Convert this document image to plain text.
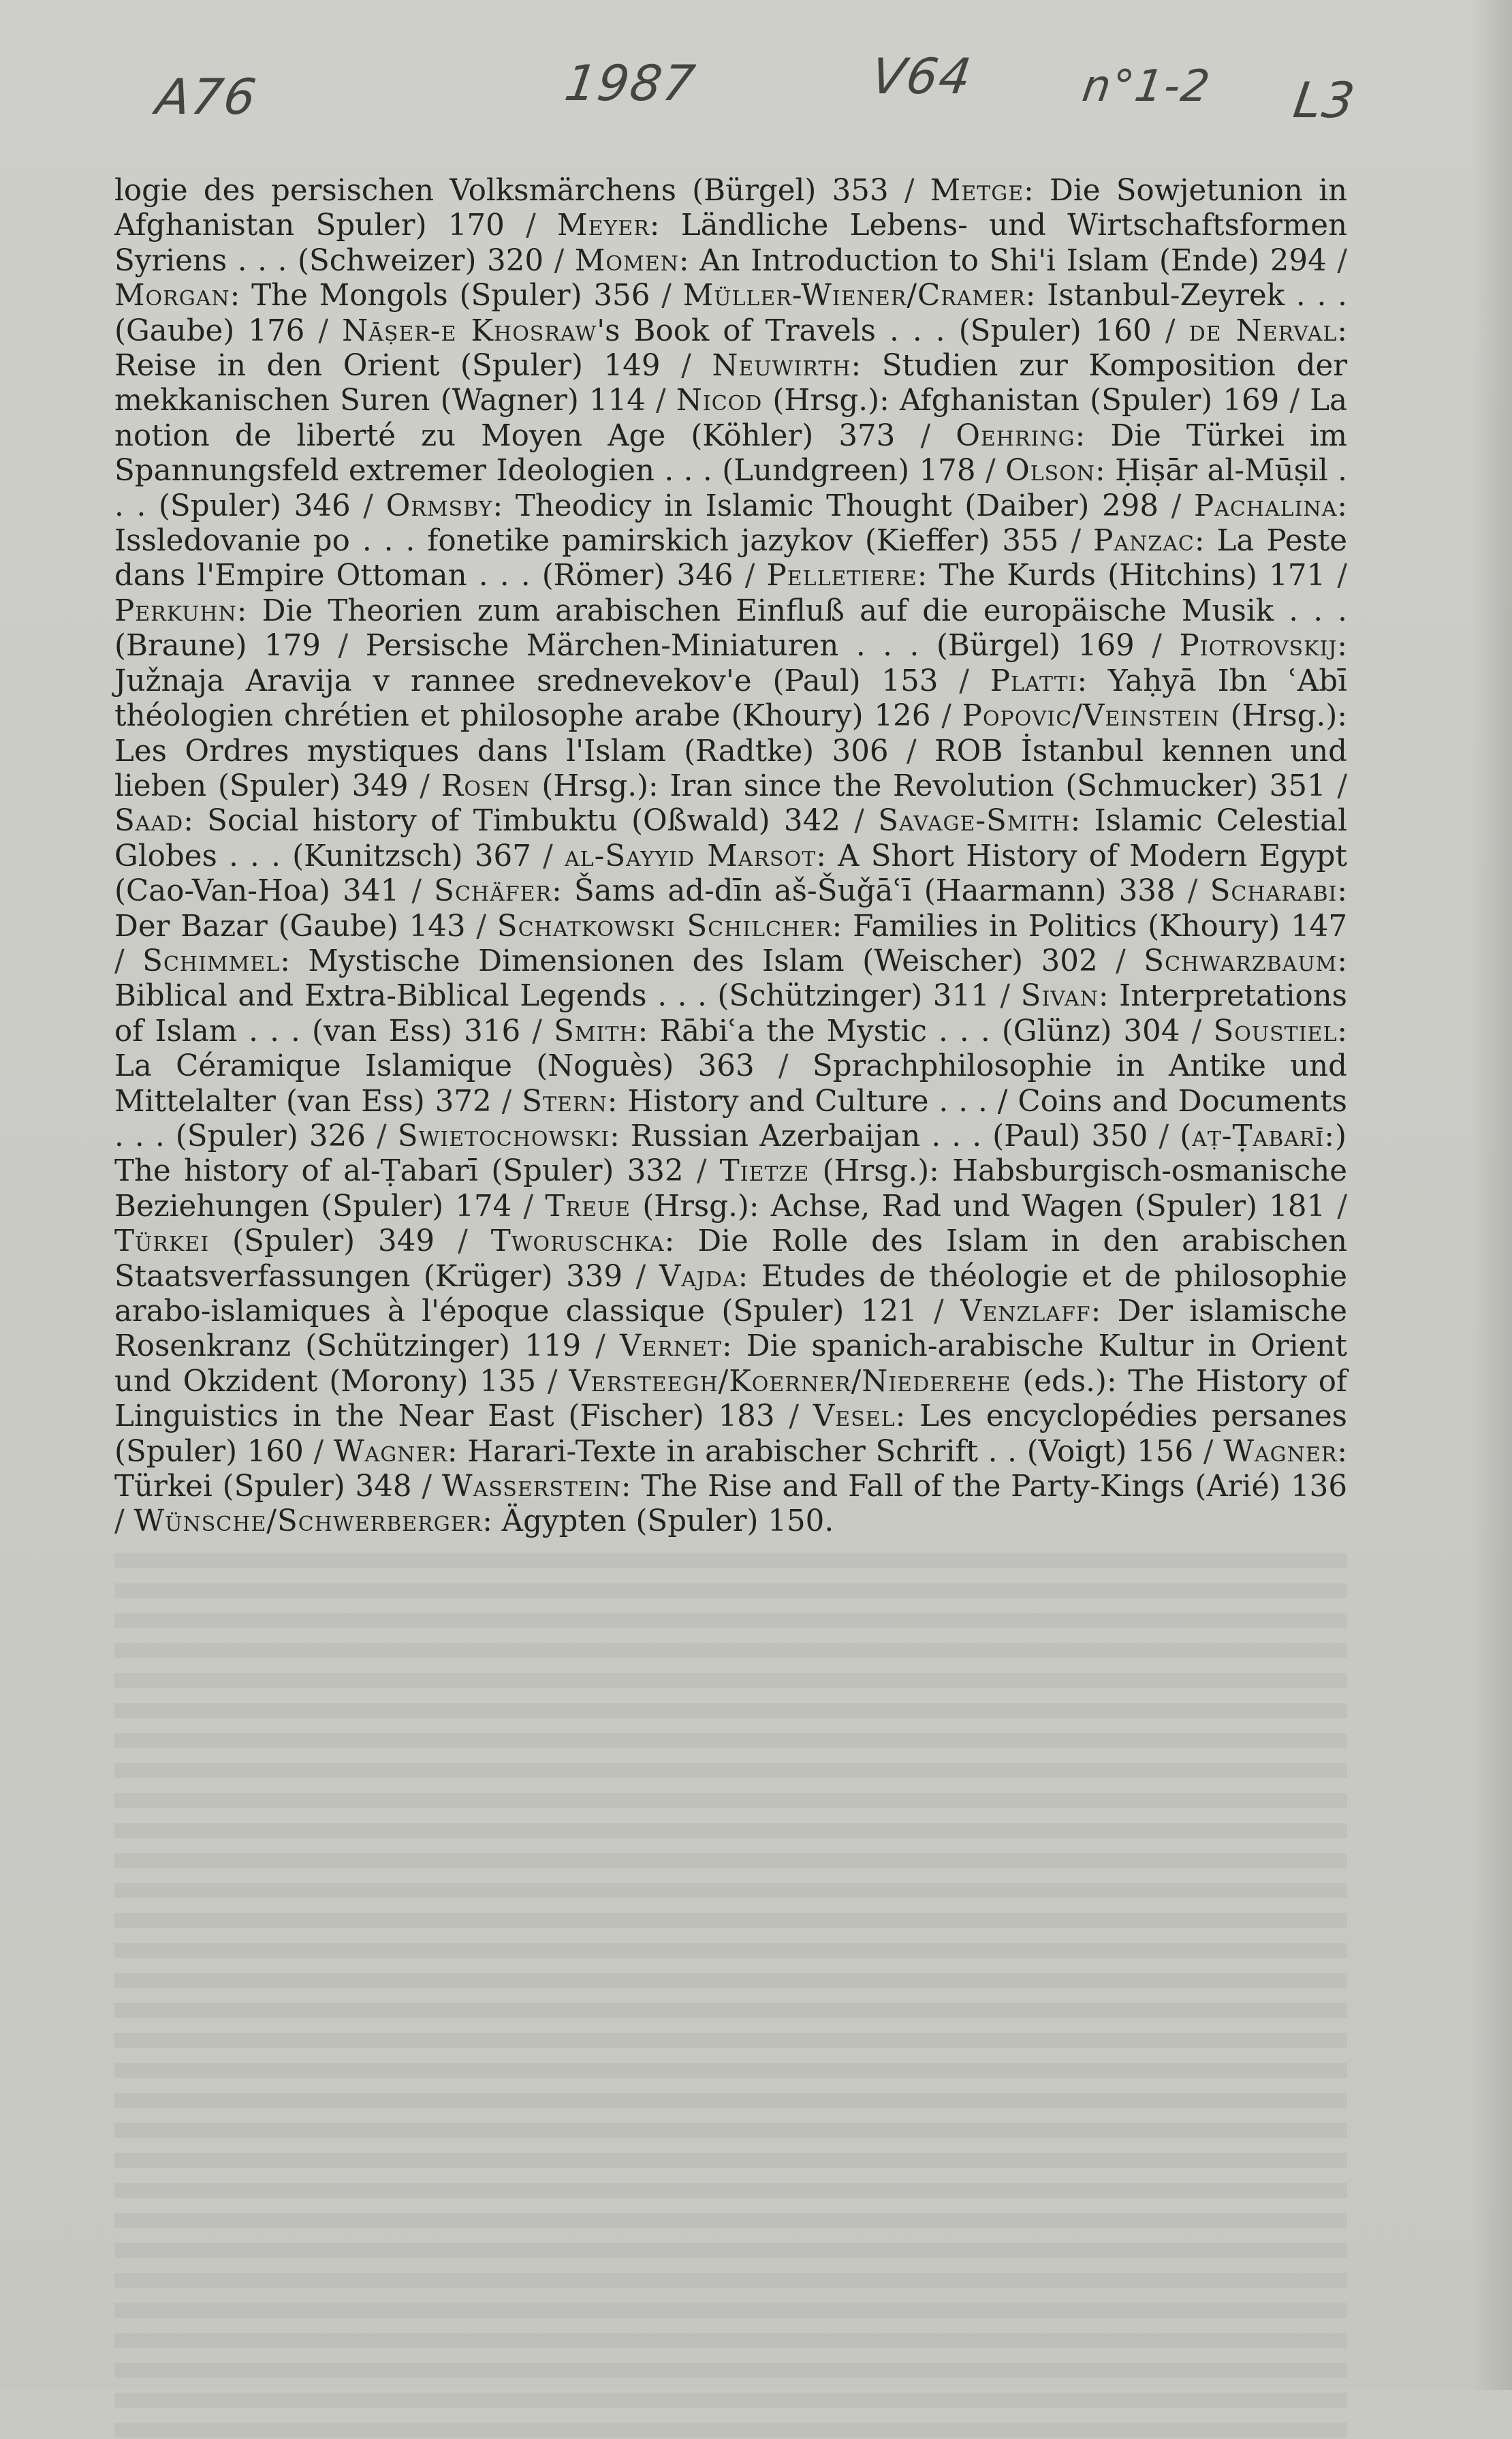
A76	1987	V64 n°1-2 L3
logie des persischen Volksmärchens (Bürgel) 353 / Metge: Die Sowjetunion in Afghanistan Spuler) 170 / Meyer: Ländliche Lebens- und Wirtschaftsformen Syriens . . . (Schweizer) 320 / Momen: An Introduction to Shi'i Islam (Ende) 294 / Morgan: The Mongols (Spuler) 356 / Müller-Wiener/Cramer: Istanbul-Zeyrek . . . (Gaube) 176 / Nāṣer-e Khosraw's Book of Travels . . . (Spuler) 160 / de Nerval: Reise in den Orient (Spuler) 149 / Neuwirth: Studien zur Komposition der mekkanischen Suren (Wagner) 114 / Nicod (Hrsg.): Afghanistan (Spuler) 169 / La notion de liberté zu Moyen Age (Köhler) 373 / Oehring: Die Türkei im Spannungsfeld extremer Ideologien . . . (Lundgreen) 178 / Olson: Ḥiṣār al-Mūṣil . . . (Spuler) 346 / Ormsby: Theodicy in Islamic Thought (Daiber) 298 / Pachalina: Issledovanie po . . . fonetike pamirskich jazykov (Kieffer) 355 / Panzac: La Peste dans l'Empire Ottoman . . . (Römer) 346 / Pelletiere: The Kurds (Hitchins) 171 / Perkuhn: Die Theorien zum arabischen Einfluß auf die europäische Musik . . . (Braune) 179 / Persische Märchen-Miniaturen . . . (Bürgel) 169 / Piotrovskij: Južnaja Aravija v rannee srednevekov'e (Paul) 153 / Platti: Yaḥyā Ibn ʿAbī théologien chrétien et philosophe arabe (Khoury) 126 / Popovic/Veinstein (Hrsg.): Les Ordres mystiques dans l'Islam (Radtke) 306 / ROB İstanbul kennen und lieben (Spuler) 349 / Rosen (Hrsg.): Iran since the Revolution (Schmucker) 351 / Saad: Social history of Timbuktu (Oßwald) 342 / Savage-Smith: Islamic Celestial Globes . . . (Kunitzsch) 367 / al-Sayyid Marsot: A Short History of Modern Egypt (Cao-Van-Hoa) 341 / Schäfer: Šams ad-dīn aš-Šuǧāʿī (Haarmann) 338 / Scharabi: Der Bazar (Gaube) 143 / Schatkowski Schilcher: Families in Politics (Khoury) 147 / Schimmel: Mystische Dimensionen des Islam (Weischer) 302 / Schwarzbaum: Biblical and Extra-Biblical Legends . . . (Schützinger) 311 / Sivan: Interpretations of Islam . . . (van Ess) 316 / Smith: Rābiʿa the Mystic . . . (Glünz) 304 / Soustiel: La Céramique Islamique (Noguès) 363 / Sprachphilosophie in Antike und Mittelalter (van Ess) 372 / Stern: History and Culture . . . / Coins and Documents . . . (Spuler) 326 / Swietochowski: Russian Azerbaijan . . . (Paul) 350 / (aṭ-Ṭabarī:) The history of al-Ṭabarī (Spuler) 332 / Tietze (Hrsg.): Habsburgisch-osmanische Beziehungen (Spuler) 174 / Treue (Hrsg.): Achse, Rad und Wagen (Spuler) 181 / Türkei (Spuler) 349 / Tworuschka: Die Rolle des Islam in den arabischen Staatsverfassungen (Krüger) 339 / Vajda: Etudes de théologie et de philosophie arabo-islamiques à l'époque classique (Spuler) 121 / Venzlaff: Der islamische Rosenkranz (Schützinger) 119 / Vernet: Die spanich-arabische Kultur in Orient und Okzident (Morony) 135 / Versteegh/Koerner/Niederehe (eds.): The History of Linguistics in the Near East (Fischer) 183 / Vesel: Les encyclopédies persanes (Spuler) 160 / Wagner: Harari-Texte in arabischer Schrift . . (Voigt) 156 / Wagner: Türkei (Spuler) 348 / Wasserstein: The Rise and Fall of the Party-Kings (Arié) 136 / Wünsche/Schwerberger: Ägypten (Spuler) 150.
